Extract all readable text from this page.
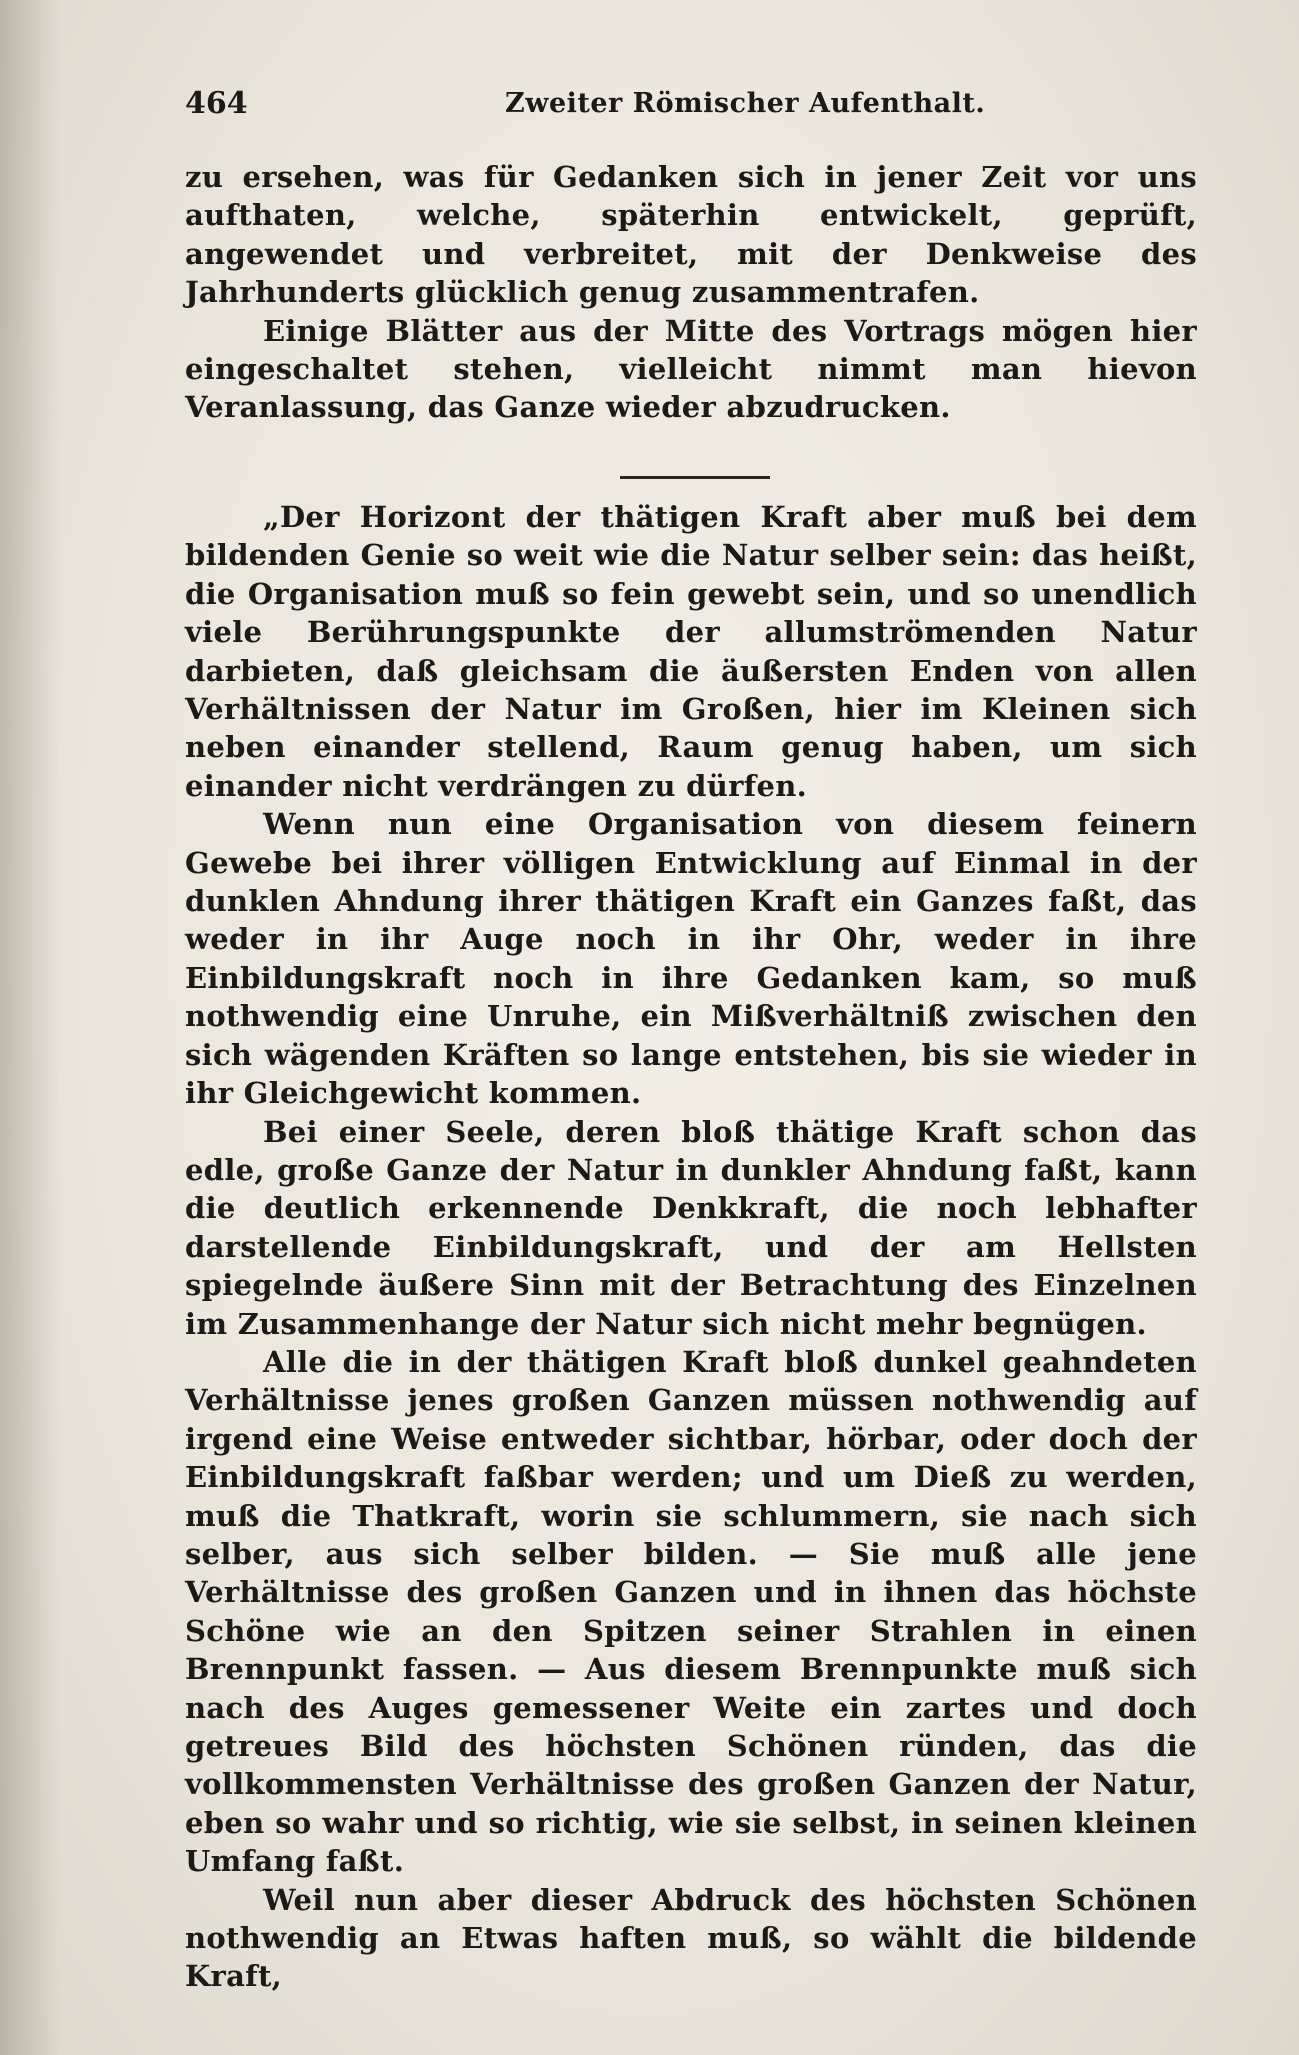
464	Zweiter Römischer Aufenthalt.

zu ersehen, was für Gedanken sich in jener Zeit vor uns aufthaten, welche, späterhin entwickelt, geprüft, angewendet und verbreitet, mit der Denkweise des Jahrhunderts glücklich genug zusammentrafen.

Einige Blätter aus der Mitte des Vortrags mögen hier eingeschaltet stehen, vielleicht nimmt man hievon Veranlassung, das Ganze wieder abzudrucken.

„Der Horizont der thätigen Kraft aber muß bei dem bildenden Genie so weit wie die Natur selber sein: das heißt, die Organisation muß so fein gewebt sein, und so unendlich viele Berührungspunkte der allumströmenden Natur darbieten, daß gleichsam die äußersten Enden von allen Verhältnissen der Natur im Großen, hier im Kleinen sich neben einander stellend, Raum genug haben, um sich einander nicht verdrängen zu dürfen.

Wenn nun eine Organisation von diesem feinern Gewebe bei ihrer völligen Entwicklung auf Einmal in der dunklen Ahndung ihrer thätigen Kraft ein Ganzes faßt, das weder in ihr Auge noch in ihr Ohr, weder in ihre Einbildungskraft noch in ihre Gedanken kam, so muß nothwendig eine Unruhe, ein Mißverhältniß zwischen den sich wägenden Kräften so lange entstehen, bis sie wieder in ihr Gleichgewicht kommen.

Bei einer Seele, deren bloß thätige Kraft schon das edle, große Ganze der Natur in dunkler Ahndung faßt, kann die deutlich erkennende Denkkraft, die noch lebhafter darstellende Einbildungskraft, und der am Hellsten spiegelnde äußere Sinn mit der Betrachtung des Einzelnen im Zusammenhange der Natur sich nicht mehr begnügen.

Alle die in der thätigen Kraft bloß dunkel geahndeten Verhältnisse jenes großen Ganzen müssen nothwendig auf irgend eine Weise entweder sichtbar, hörbar, oder doch der Einbildungskraft faßbar werden; und um Dieß zu werden, muß die Thatkraft, worin sie schlummern, sie nach sich selber, aus sich selber bilden. — Sie muß alle jene Verhältnisse des großen Ganzen und in ihnen das höchste Schöne wie an den Spitzen seiner Strahlen in einen Brennpunkt fassen. — Aus diesem Brennpunkte muß sich nach des Auges gemessener Weite ein zartes und doch getreues Bild des höchsten Schönen ründen, das die vollkommensten Verhältnisse des großen Ganzen der Natur, eben so wahr und so richtig, wie sie selbst, in seinen kleinen Umfang faßt.

Weil nun aber dieser Abdruck des höchsten Schönen nothwendig an Etwas haften muß, so wählt die bildende Kraft,
